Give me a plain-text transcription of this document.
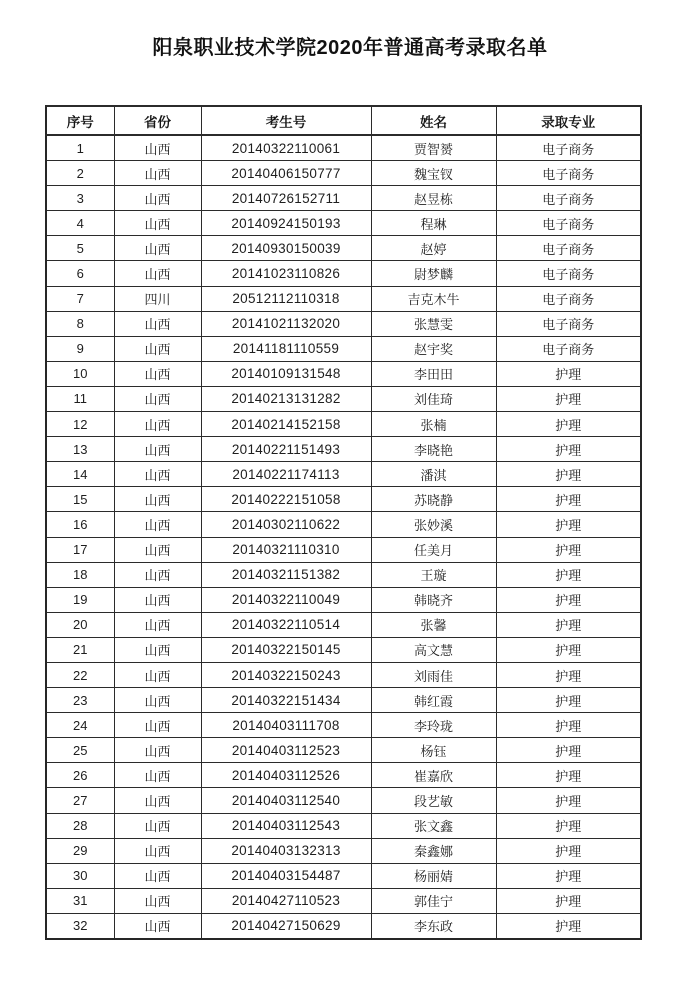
阳泉职业技术学院2020年普通高考录取名单
序号	省份	考生号	姓名	录取专业
1	山西	20140322110061	贾智赟	电子商务
2	山西	20140406150777	魏宝钗	电子商务
3	山西	20140726152711	赵昱栋	电子商务
4	山西	20140924150193	程琳	电子商务
5	山西	20140930150039	赵婷	电子商务
6	山西	20141023110826	尉梦麟	电子商务
7	四川	20512112110318	吉克木牛	电子商务
8	山西	20141021132020	张慧雯	电子商务
9	山西	20141181110559	赵宇奖	电子商务
10	山西	20140109131548	李田田	护理
11	山西	20140213131282	刘佳琦	护理
12	山西	20140214152158	张楠	护理
13	山西	20140221151493	李晓艳	护理
14	山西	20140221174113	潘淇	护理
15	山西	20140222151058	苏晓静	护理
16	山西	20140302110622	张妙溪	护理
17	山西	20140321110310	任美月	护理
18	山西	20140321151382	王璇	护理
19	山西	20140322110049	韩晓齐	护理
20	山西	20140322110514	张馨	护理
21	山西	20140322150145	高文慧	护理
22	山西	20140322150243	刘雨佳	护理
23	山西	20140322151434	韩红霞	护理
24	山西	20140403111708	李玲珑	护理
25	山西	20140403112523	杨钰	护理
26	山西	20140403112526	崔嘉欣	护理
27	山西	20140403112540	段艺敏	护理
28	山西	20140403112543	张文鑫	护理
29	山西	20140403132313	秦鑫娜	护理
30	山西	20140403154487	杨丽婧	护理
31	山西	20140427110523	郭佳宁	护理
32	山西	20140427150629	李东政	护理
